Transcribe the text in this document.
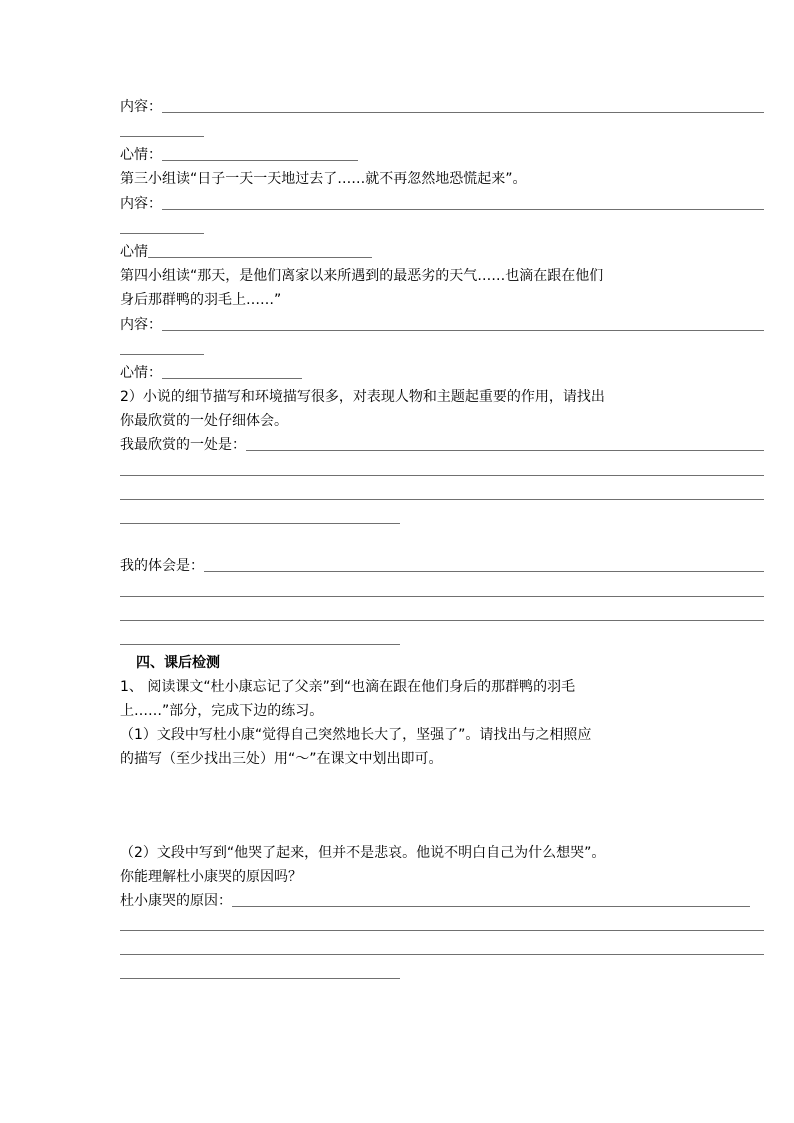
内容：＿＿＿＿＿＿＿＿＿＿＿＿＿＿＿＿＿＿＿＿＿＿＿＿＿＿＿＿＿＿＿＿＿＿＿＿＿＿＿＿＿＿＿
＿＿＿＿＿＿
心情：＿＿＿＿＿＿＿＿＿＿＿＿＿＿
第三小组读“日子一天一天地过去了……就不再忽然地恐慌起来”。
内容：＿＿＿＿＿＿＿＿＿＿＿＿＿＿＿＿＿＿＿＿＿＿＿＿＿＿＿＿＿＿＿＿＿＿＿＿＿＿＿＿＿＿＿
＿＿＿＿＿＿
心情＿＿＿＿＿＿＿＿＿＿＿＿＿＿＿＿
第四小组读“那天，是他们离家以来所遇到的最恶劣的天气……也滴在跟在他们
身后那群鸭的羽毛上……”
内容：＿＿＿＿＿＿＿＿＿＿＿＿＿＿＿＿＿＿＿＿＿＿＿＿＿＿＿＿＿＿＿＿＿＿＿＿＿＿＿＿＿＿＿
＿＿＿＿＿＿
心情：＿＿＿＿＿＿＿＿＿＿
2）小说的细节描写和环境描写很多，对表现人物和主题起重要的作用，请找出
你最欣赏的一处仔细体会。
我最欣赏的一处是：＿＿＿＿＿＿＿＿＿＿＿＿＿＿＿＿＿＿＿＿＿＿＿＿＿＿＿＿＿＿＿＿＿＿＿＿＿
＿＿＿＿＿＿＿＿＿＿＿＿＿＿＿＿＿＿＿＿＿＿＿＿＿＿＿＿＿＿＿＿＿＿＿＿＿＿＿＿＿＿＿＿＿＿
＿＿＿＿＿＿＿＿＿＿＿＿＿＿＿＿＿＿＿＿＿＿＿＿＿＿＿＿＿＿＿＿＿＿＿＿＿＿＿＿＿＿＿＿＿＿
＿＿＿＿＿＿＿＿＿＿＿＿＿＿＿＿＿＿＿＿
我的体会是：＿＿＿＿＿＿＿＿＿＿＿＿＿＿＿＿＿＿＿＿＿＿＿＿＿＿＿＿＿＿＿＿＿＿＿＿＿＿＿＿
＿＿＿＿＿＿＿＿＿＿＿＿＿＿＿＿＿＿＿＿＿＿＿＿＿＿＿＿＿＿＿＿＿＿＿＿＿＿＿＿＿＿＿＿＿＿
＿＿＿＿＿＿＿＿＿＿＿＿＿＿＿＿＿＿＿＿＿＿＿＿＿＿＿＿＿＿＿＿＿＿＿＿＿＿＿＿＿＿＿＿＿＿
＿＿＿＿＿＿＿＿＿＿＿＿＿＿＿＿＿＿＿＿
四、课后检测
1、 阅读课文“杜小康忘记了父亲”到“也滴在跟在他们身后的那群鸭的羽毛
上……”部分，完成下边的练习。
（1）文段中写杜小康“觉得自己突然地长大了，坚强了”。请找出与之相照应
的描写（至少找出三处）用“～”在课文中划出即可。
（2）文段中写到“他哭了起来，但并不是悲哀。他说不明白自己为什么想哭”。
你能理解杜小康哭的原因吗？
杜小康哭的原因：＿＿＿＿＿＿＿＿＿＿＿＿＿＿＿＿＿＿＿＿＿＿＿＿＿＿＿＿＿＿＿＿＿＿＿＿＿
＿＿＿＿＿＿＿＿＿＿＿＿＿＿＿＿＿＿＿＿＿＿＿＿＿＿＿＿＿＿＿＿＿＿＿＿＿＿＿＿＿＿＿＿＿＿
＿＿＿＿＿＿＿＿＿＿＿＿＿＿＿＿＿＿＿＿＿＿＿＿＿＿＿＿＿＿＿＿＿＿＿＿＿＿＿＿＿＿＿＿＿＿
＿＿＿＿＿＿＿＿＿＿＿＿＿＿＿＿＿＿＿＿
